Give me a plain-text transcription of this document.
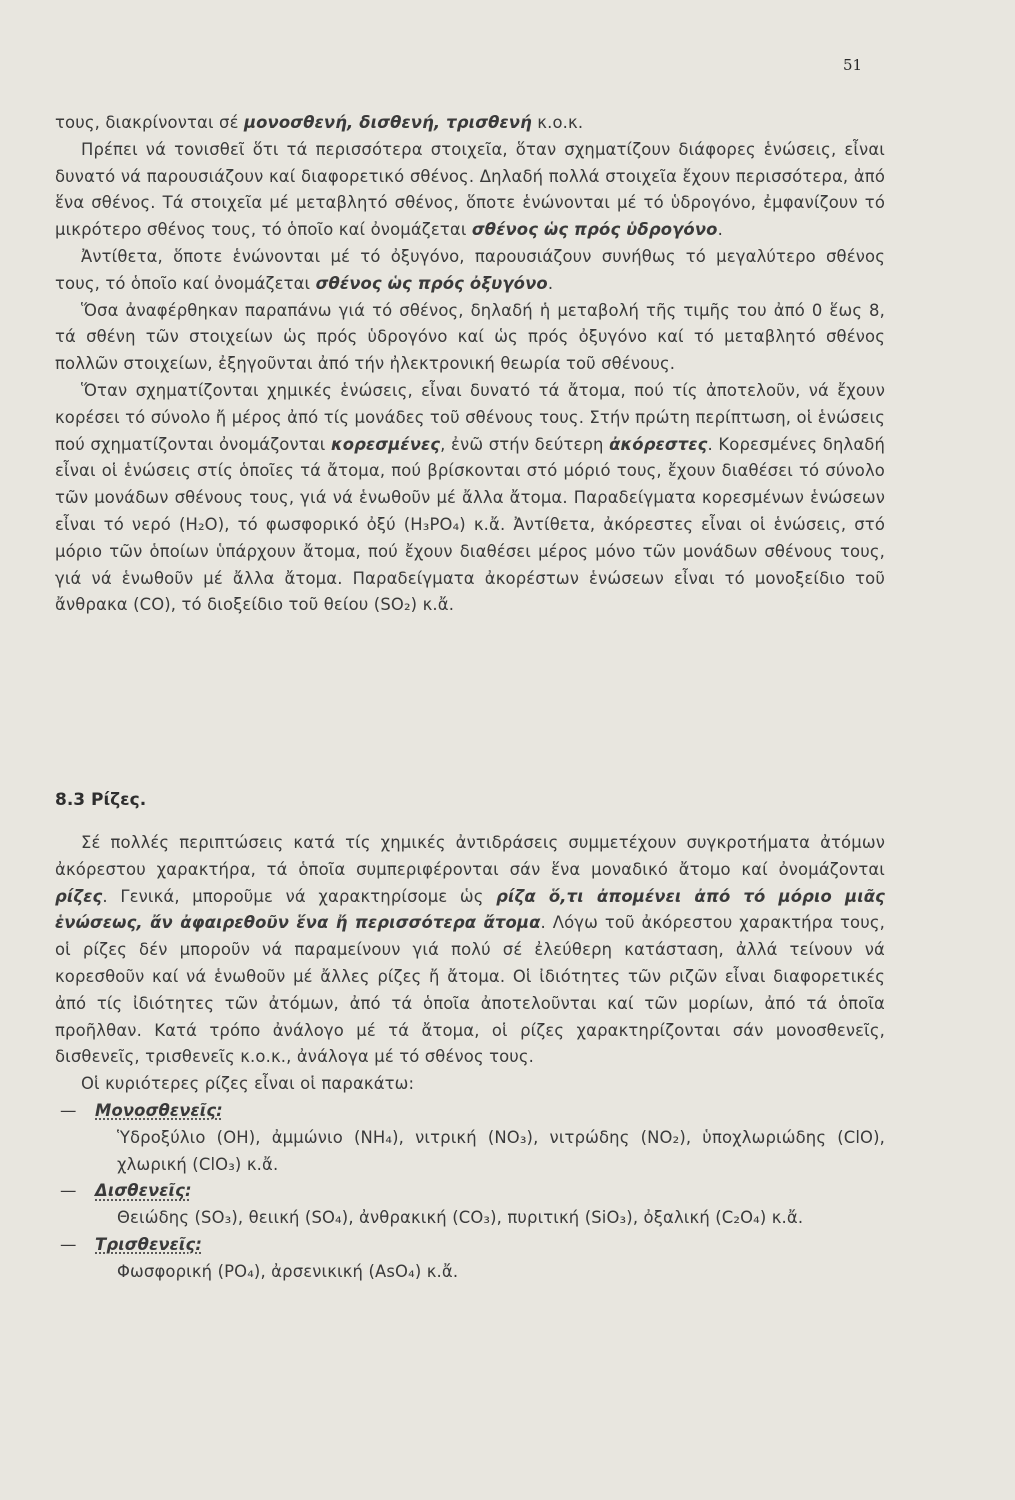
51

τους, διακρίνονται σέ μονοσθενή, δισθενή, τρισθενή κ.ο.κ.

Πρέπει νά τονισθεῖ ὅτι τά περισσότερα στοιχεῖα, ὅταν σχηματίζουν διάφορες ἑνώσεις, εἶναι δυνατό νά παρουσιάζουν καί διαφορετικό σθένος. Δηλαδή πολλά στοιχεῖα ἔχουν περισσότερα, ἀπό ἕνα σθένος. Τά στοιχεῖα μέ μεταβλητό σθένος, ὅποτε ἑνώνονται μέ τό ὑδρογόνο, ἐμφανίζουν τό μικρότερο σθένος τους, τό ὁποῖο καί ὀνομάζεται σθένος ὡς πρός ὑδρογόνο.

Ἀντίθετα, ὅποτε ἑνώνονται μέ τό ὀξυγόνο, παρουσιάζουν συνήθως τό μεγαλύτερο σθένος τους, τό ὁποῖο καί ὀνομάζεται σθένος ὡς πρός ὀξυγόνο.

Ὅσα ἀναφέρθηκαν παραπάνω γιά τό σθένος, δηλαδή ἡ μεταβολή τῆς τιμῆς του ἀπό 0 ἕως 8, τά σθένη τῶν στοιχείων ὡς πρός ὑδρογόνο καί ὡς πρός ὀξυγόνο καί τό μεταβλητό σθένος πολλῶν στοιχείων, ἐξηγοῦνται ἀπό τήν ἠλεκτρονική θεωρία τοῦ σθένους.

Ὅταν σχηματίζονται χημικές ἑνώσεις, εἶναι δυνατό τά ἄτομα, πού τίς ἀποτελοῦν, νά ἔχουν κορέσει τό σύνολο ἤ μέρος ἀπό τίς μονάδες τοῦ σθένους τους. Στήν πρώτη περίπτωση, οἱ ἑνώσεις πού σχηματίζονται ὀνομάζονται κορεσμένες, ἐνῶ στήν δεύτερη ἀκόρεστες. Κορεσμένες δηλαδή εἶναι οἱ ἑνώσεις στίς ὁποῖες τά ἄτομα, πού βρίσκονται στό μόριό τους, ἔχουν διαθέσει τό σύνολο τῶν μονάδων σθένους τους, γιά νά ἑνωθοῦν μέ ἄλλα ἄτομα. Παραδείγματα κορεσμένων ἑνώσεων εἶναι τό νερό (H₂O), τό φωσφορικό ὀξύ (H₃PO₄) κ.ἄ. Ἀντίθετα, ἀκόρεστες εἶναι οἱ ἑνώσεις, στό μόριο τῶν ὁποίων ὑπάρχουν ἄτομα, πού ἔχουν διαθέσει μέρος μόνο τῶν μονάδων σθένους τους, γιά νά ἑνωθοῦν μέ ἄλλα ἄτομα. Παραδείγματα ἀκορέστων ἑνώσεων εἶναι τό μονοξείδιο τοῦ ἄνθρακα (CO), τό διοξείδιο τοῦ θείου (SO₂) κ.ἄ.

8.3 Ρίζες.

Σέ πολλές περιπτώσεις κατά τίς χημικές ἀντιδράσεις συμμετέχουν συγκροτήματα ἀτόμων ἀκόρεστου χαρακτήρα, τά ὁποῖα συμπεριφέρονται σάν ἕνα μοναδικό ἄτομο καί ὀνομάζονται ρίζες. Γενικά, μποροῦμε νά χαρακτηρίσομε ὡς ρίζα ὅ,τι ἀπομένει ἀπό τό μόριο μιᾶς ἑνώσεως, ἄν ἀφαιρεθοῦν ἕνα ἤ περισσότερα ἄτομα. Λόγω τοῦ ἀκόρεστου χαρακτήρα τους, οἱ ρίζες δέν μποροῦν νά παραμείνουν γιά πολύ σέ ἐλεύθερη κατάσταση, ἀλλά τείνουν νά κορεσθοῦν καί νά ἑνωθοῦν μέ ἄλλες ρίζες ἤ ἄτομα. Οἱ ἰδιότητες τῶν ριζῶν εἶναι διαφορετικές ἀπό τίς ἰδιότητες τῶν ἀτόμων, ἀπό τά ὁποῖα ἀποτελοῦνται καί τῶν μορίων, ἀπό τά ὁποῖα προῆλθαν. Κατά τρόπο ἀνάλογο μέ τά ἄτομα, οἱ ρίζες χαρακτηρίζονται σάν μονοσθενεῖς, δισθενεῖς, τρισθενεῖς κ.ο.κ., ἀνάλογα μέ τό σθένος τους.

Οἱ κυριότερες ρίζες εἶναι οἱ παρακάτω:

—	Μονοσθενεῖς:

Ὑδροξύλιο (OH), ἀμμώνιο (NH₄), νιτρική (NO₃), νιτρώδης (NO₂), ὑποχλωριώδης (ClO), χλωρική (ClO₃) κ.ἄ.

—	Δισθενεῖς:

Θειώδης (SO₃), θειική (SO₄), ἀνθρακική (CO₃), πυριτική (SiO₃), ὀξαλική (C₂O₄) κ.ἄ.

—	Τρισθενεῖς:

Φωσφορική (PO₄), ἀρσενικική (AsO₄) κ.ἄ.
